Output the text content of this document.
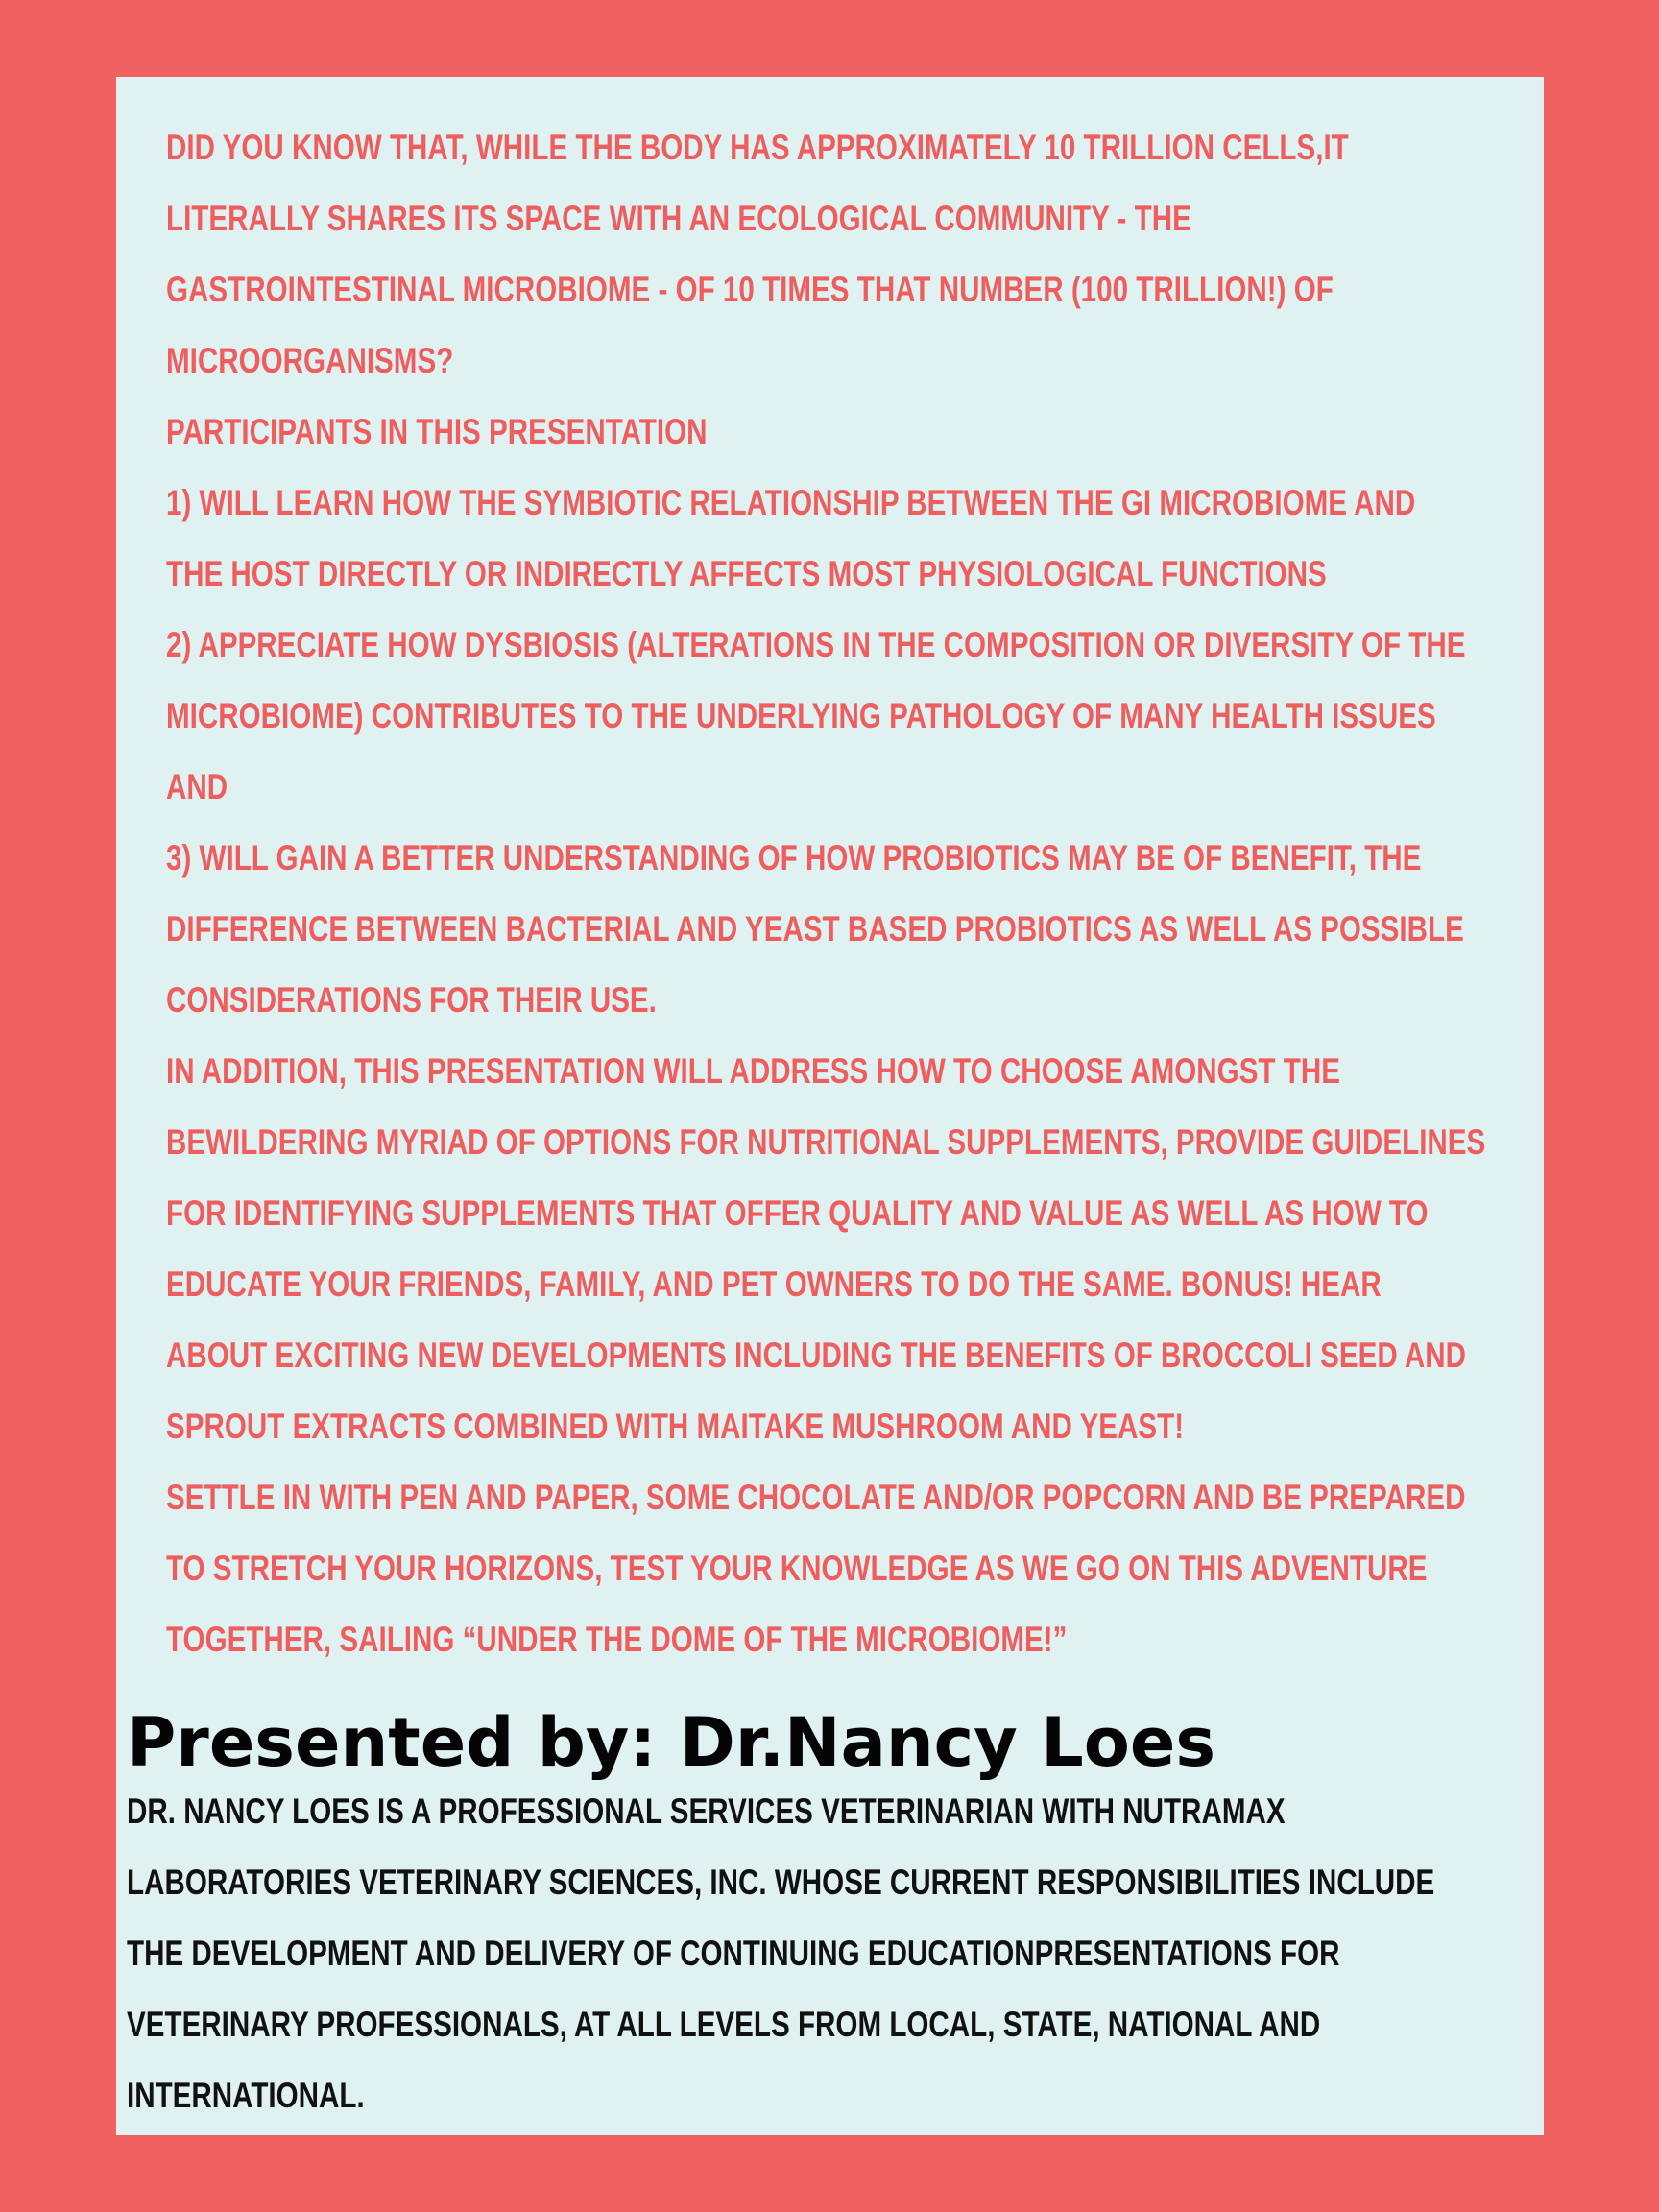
DID YOU KNOW THAT, WHILE THE BODY HAS APPROXIMATELY 10 TRILLION CELLS,IT
LITERALLY SHARES ITS SPACE WITH AN ECOLOGICAL COMMUNITY - THE
GASTROINTESTINAL MICROBIOME - OF 10 TIMES THAT NUMBER (100 TRILLION!) OF
MICROORGANISMS?
PARTICIPANTS IN THIS PRESENTATION
1) WILL LEARN HOW THE SYMBIOTIC RELATIONSHIP BETWEEN THE GI MICROBIOME AND
THE HOST DIRECTLY OR INDIRECTLY AFFECTS MOST PHYSIOLOGICAL FUNCTIONS
2) APPRECIATE HOW DYSBIOSIS (ALTERATIONS IN THE COMPOSITION OR DIVERSITY OF THE
MICROBIOME) CONTRIBUTES TO THE UNDERLYING PATHOLOGY OF MANY HEALTH ISSUES
AND
3) WILL GAIN A BETTER UNDERSTANDING OF HOW PROBIOTICS MAY BE OF BENEFIT, THE
DIFFERENCE BETWEEN BACTERIAL AND YEAST BASED PROBIOTICS AS WELL AS POSSIBLE
CONSIDERATIONS FOR THEIR USE.
IN ADDITION, THIS PRESENTATION WILL ADDRESS HOW TO CHOOSE AMONGST THE
BEWILDERING MYRIAD OF OPTIONS FOR NUTRITIONAL SUPPLEMENTS, PROVIDE GUIDELINES
FOR IDENTIFYING SUPPLEMENTS THAT OFFER QUALITY AND VALUE AS WELL AS HOW TO
EDUCATE YOUR FRIENDS, FAMILY, AND PET OWNERS TO DO THE SAME. BONUS! HEAR
ABOUT EXCITING NEW DEVELOPMENTS INCLUDING THE BENEFITS OF BROCCOLI SEED AND
SPROUT EXTRACTS COMBINED WITH MAITAKE MUSHROOM AND YEAST!
SETTLE IN WITH PEN AND PAPER, SOME CHOCOLATE AND/OR POPCORN AND BE PREPARED
TO STRETCH YOUR HORIZONS, TEST YOUR KNOWLEDGE AS WE GO ON THIS ADVENTURE
TOGETHER, SAILING “UNDER THE DOME OF THE MICROBIOME!”
Presented by: Dr.Nancy Loes
DR. NANCY LOES IS A PROFESSIONAL SERVICES VETERINARIAN WITH NUTRAMAX
LABORATORIES VETERINARY SCIENCES, INC. WHOSE CURRENT RESPONSIBILITIES INCLUDE
THE DEVELOPMENT AND DELIVERY OF CONTINUING EDUCATIONPRESENTATIONS FOR
VETERINARY PROFESSIONALS, AT ALL LEVELS FROM LOCAL, STATE, NATIONAL AND
INTERNATIONAL.
